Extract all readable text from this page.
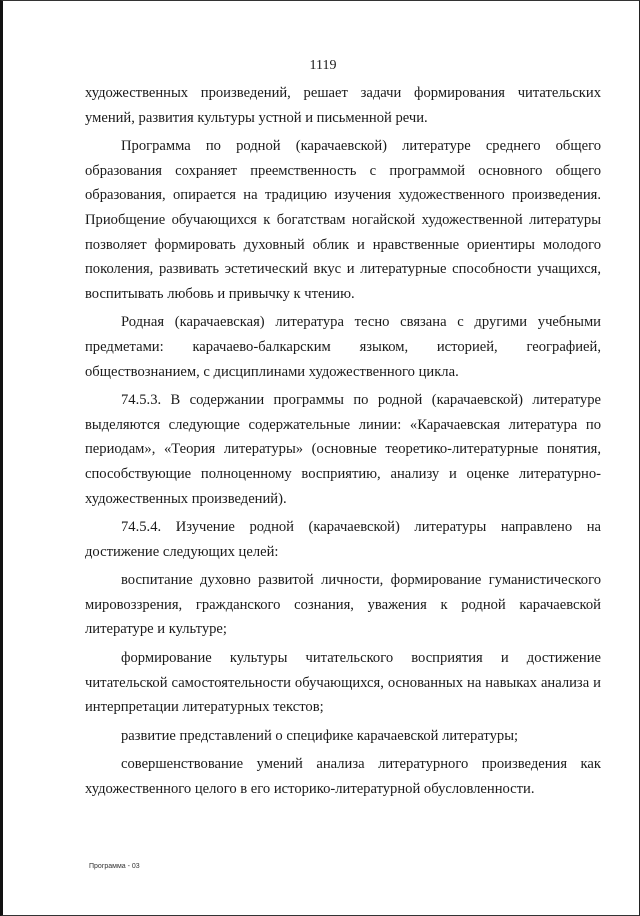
1119

художественных произведений, решает задачи формирования читательских умений, развития культуры устной и письменной речи.

Программа по родной (карачаевской) литературе среднего общего образования сохраняет преемственность с программой основного общего образования, опирается на традицию изучения художественного произведения. Приобщение обучающихся к богатствам ногайской художественной литературы позволяет формировать духовный облик и нравственные ориентиры молодого поколения, развивать эстетический вкус и литературные способности учащихся, воспитывать любовь и привычку к чтению.

Родная (карачаевская) литература тесно связана с другими учебными предметами: карачаево-балкарским языком, историей, географией, обществознанием, с дисциплинами художественного цикла.

74.5.3. В содержании программы по родной (карачаевской) литературе выделяются следующие содержательные линии: «Карачаевская литература по периодам», «Теория литературы» (основные теоретико-литературные понятия, способствующие полноценному восприятию, анализу и оценке литературно-художественных произведений).

74.5.4. Изучение родной (карачаевской) литературы направлено на достижение следующих целей:

воспитание духовно развитой личности, формирование гуманистического мировоззрения, гражданского сознания, уважения к родной карачаевской литературе и культуре;

формирование культуры читательского восприятия и достижение читательской самостоятельности обучающихся, основанных на навыках анализа и интерпретации литературных текстов;

развитие представлений о специфике карачаевской литературы;

совершенствование умений анализа литературного произведения как художественного целого в его историко-литературной обусловленности.

Программа - 03
